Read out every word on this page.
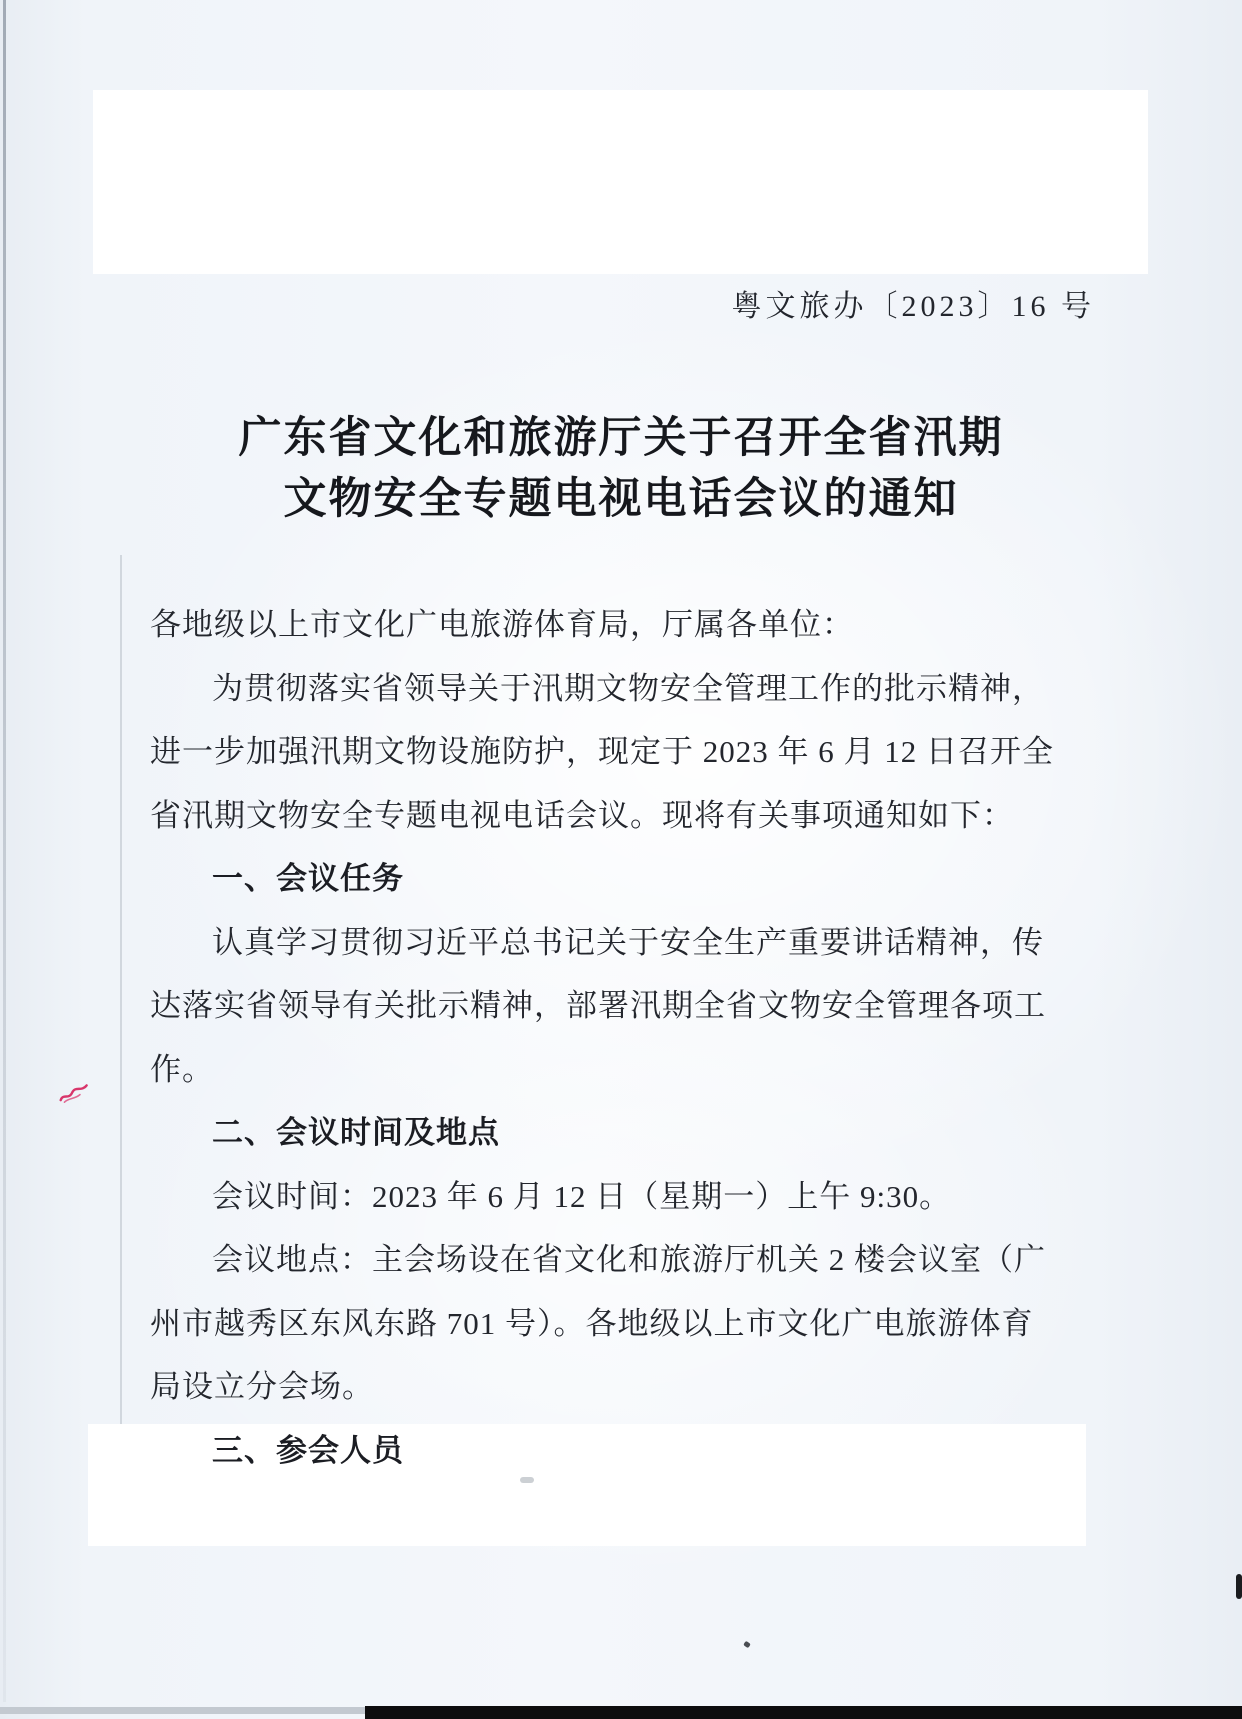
粤文旅办〔2023〕16 号
广东省文化和旅游厅关于召开全省汛期
文物安全专题电视电话会议的通知
各地级以上市文化广电旅游体育局，厅属各单位：
为贯彻落实省领导关于汛期文物安全管理工作的批示精神，
进一步加强汛期文物设施防护，现定于 2023 年 6 月 12 日召开全
省汛期文物安全专题电视电话会议。现将有关事项通知如下：
一、会议任务
认真学习贯彻习近平总书记关于安全生产重要讲话精神，传
达落实省领导有关批示精神，部署汛期全省文物安全管理各项工
作。
二、会议时间及地点
会议时间：2023 年 6 月 12 日（星期一）上午 9:30。
会议地点：主会场设在省文化和旅游厅机关 2 楼会议室（广
州市越秀区东风东路 701 号）。各地级以上市文化广电旅游体育
局设立分会场。
三、参会人员
